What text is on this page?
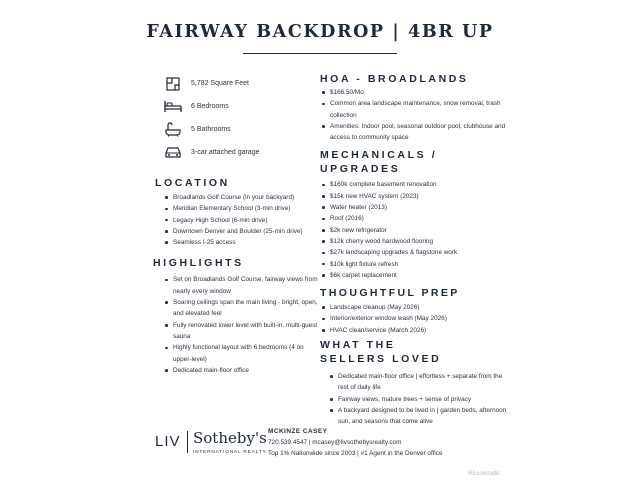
FAIRWAY BACKDROP | 4BR UP
5,782 Square Feet
6 Bedrooms
5 Bathrooms
3-car attached garage
LOCATION
Broadlands Golf Course (in your backyard)
Meridian Elementary School (3-min drive)
Legacy High School (6-min drive)
Downtown Denver and Boulder (25-min drive)
Seamless I-25 access
HIGHLIGHTS
Set on Broadlands Golf Course, fairway views from nearly every window
Soaring ceilings span the main living - bright, open, and elevated feel
Fully renovated lower level with built-in, multi-guest sauna
Highly functional layout with 6 bedrooms (4 on upper-level)
Dedicated main-floor office
HOA - BROADLANDS
$166.50/Mo
Common area landscape maintenance, snow removal, trash collection
Amenities: Indoor pool, seasonal outdoor pool, clubhouse and access to community space
MECHANICALS /
UPGRADES
$160k complete basement renovation
$15k new HVAC system (2023)
Water heater (2013)
Roof (2016)
$2k new refrigerator
$12k cherry wood hardwood flooring
$27k landscaping upgrades & flagstone work
$10k light fixture refresh
$6k carpet replacement
THOUGHTFUL PREP
Landscape cleanup (May 2026)
Interior/exterior window wash (May 2026)
HVAC clean/service (March 2026)
WHAT THE
SELLERS LOVED
Dedicated main-floor office | effortless + separate from the rest of daily life
Fairway views, mature trees + sense of privacy
A backyard designed to be lived in | garden beds, afternoon sun, and seasons that come alive
LIV Sotheby's
INTERNATIONAL REALTY
MCKINZE CASEY
720.539.4547 | mcasey@livsothebysrealty.com
Top 1% Nationwide since 2003 | #1 Agent in the Denver office
REcolorado
